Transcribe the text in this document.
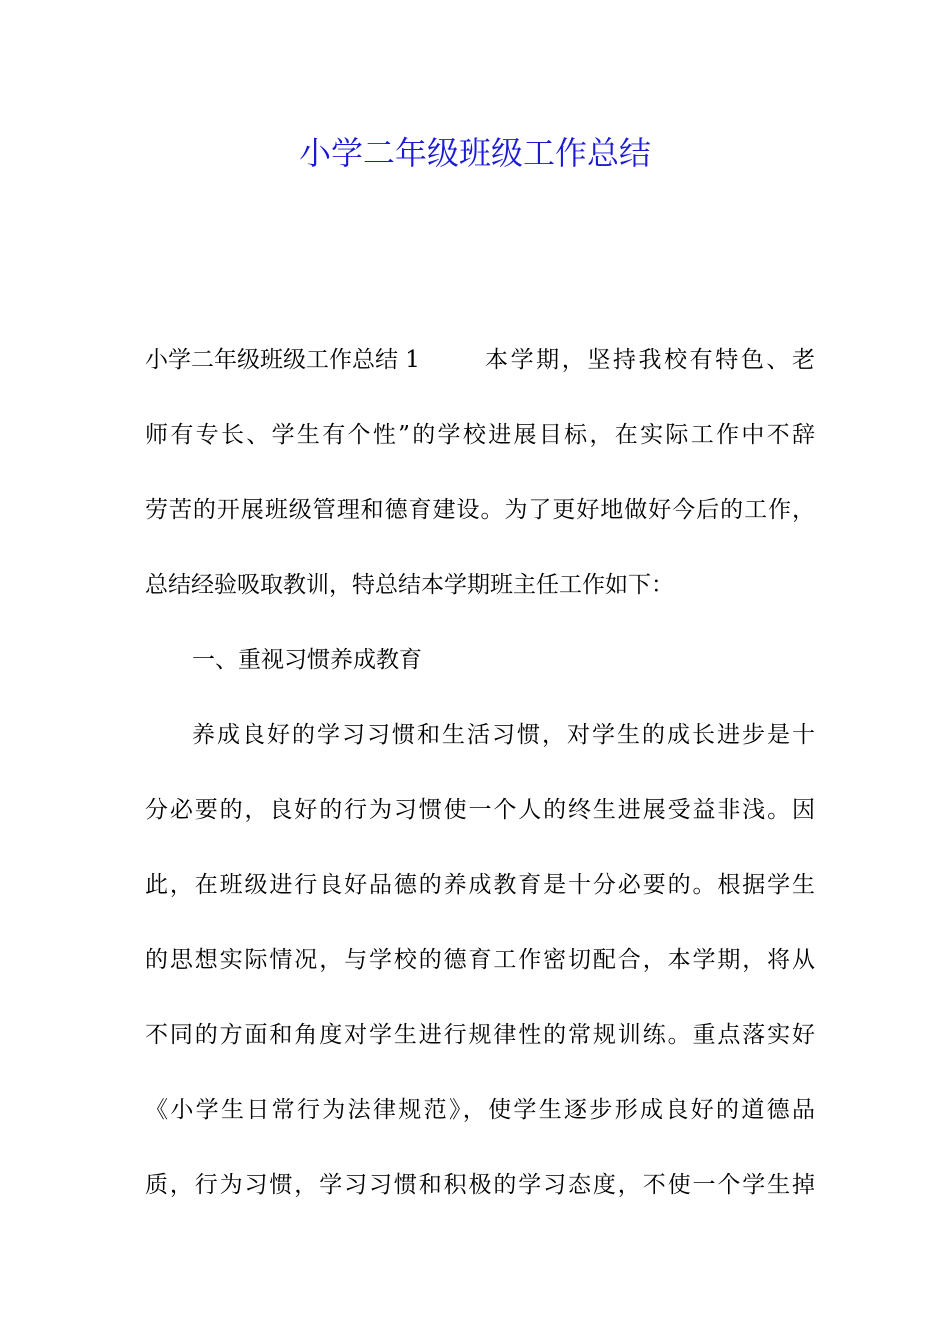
小学二年级班级工作总结
小学二年级班级工作总结 1	本学期，坚持我校有特色、老

师有专长、学生有个性”的学校进展目标，在实际工作中不辞

劳苦的开展班级管理和德育建设。为了更好地做好今后的工作，

总结经验吸取教训，特总结本学期班主任工作如下：

一、重视习惯养成教育

养成良好的学习习惯和生活习惯，对学生的成长进步是十

分必要的，良好的行为习惯使一个人的终生进展受益非浅。因

此，在班级进行良好品德的养成教育是十分必要的。根据学生

的思想实际情况，与学校的德育工作密切配合，本学期，将从

不同的方面和角度对学生进行规律性的常规训练。重点落实好

《小学生日常行为法律规范》，使学生逐步形成良好的道德品

质，行为习惯，学习习惯和积极的学习态度，不使一个学生掉
